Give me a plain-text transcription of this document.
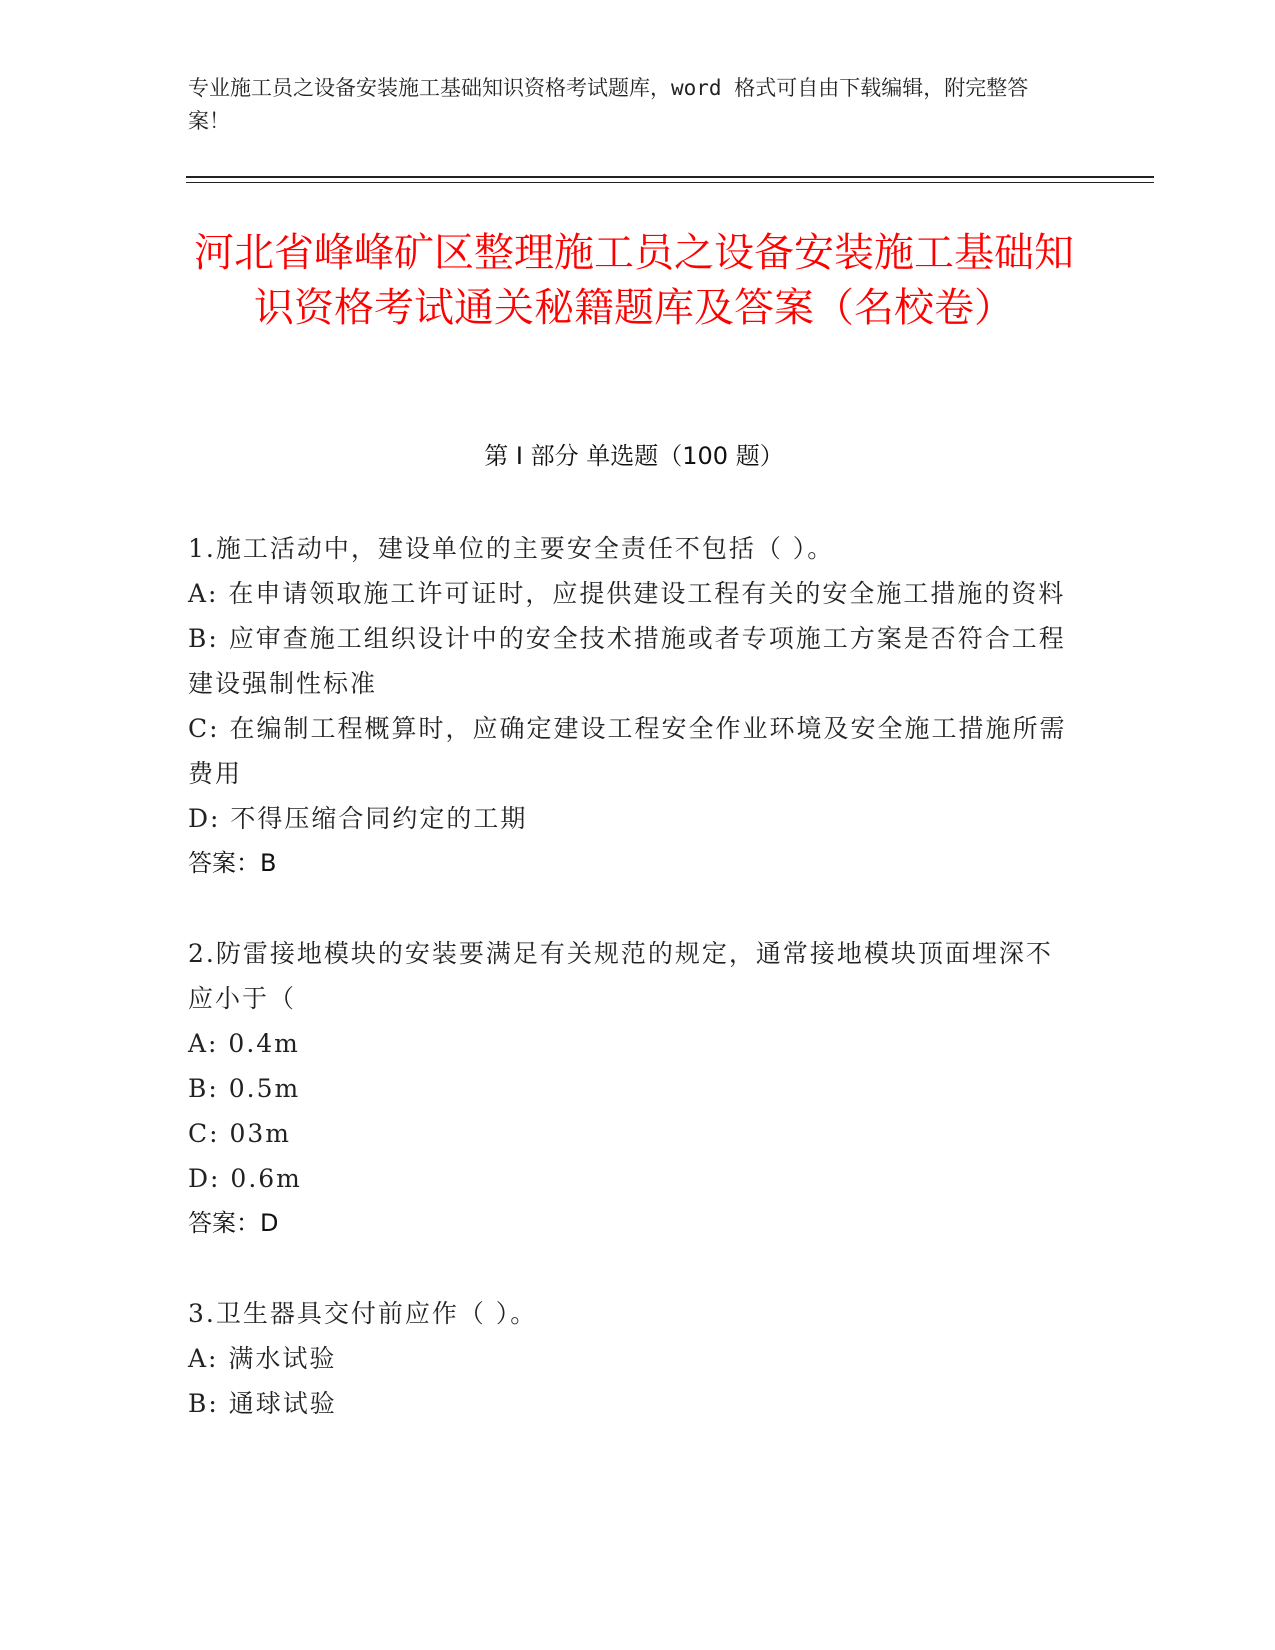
专业施工员之设备安装施工基础知识资格考试题库，word 格式可自由下载编辑，附完整答案！
河北省峰峰矿区整理施工员之设备安装施工基础知识资格考试通关秘籍题库及答案（名校卷）
第 I 部分 单选题（100 题）

1.施工活动中，建设单位的主要安全责任不包括（ ）。

A: 在申请领取施工许可证时，应提供建设工程有关的安全施工措施的资料

B: 应审查施工组织设计中的安全技术措施或者专项施工方案是否符合工程建设强制性标准

C: 在编制工程概算时，应确定建设工程安全作业环境及安全施工措施所需费用

D: 不得压缩合同约定的工期

答案：B

2.防雷接地模块的安装要满足有关规范的规定，通常接地模块顶面埋深不应小于（

A: 0.4m

B: 0.5m

C: 03m

D: 0.6m

答案：D

3.卫生器具交付前应作（ ）。

A: 满水试验

B: 通球试验
